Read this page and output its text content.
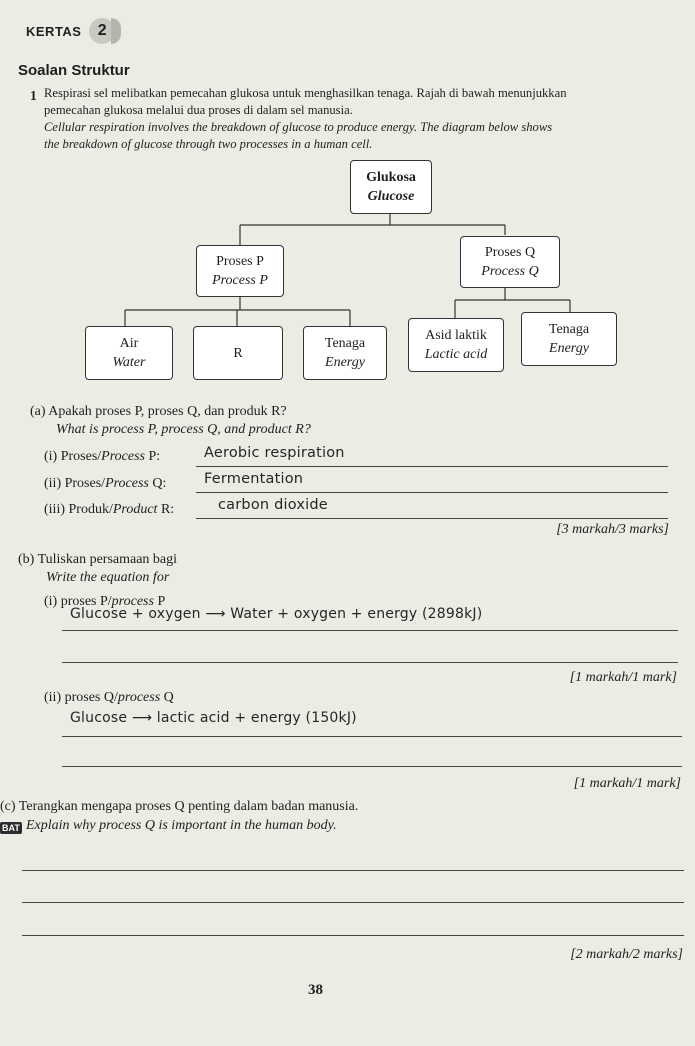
KERTAS	2
Soalan Struktur
1 Respirasi sel melibatkan pemecahan glukosa untuk menghasilkan tenaga. Rajah di bawah menunjukkan
pemecahan glukosa melalui dua proses di dalam sel manusia.
Cellular respiration involves the breakdown of glucose to produce energy. The diagram below shows
the breakdown of glucose through two processes in a human cell.
Glukosa
Glucose
Proses P
Process P
Proses Q
Process Q
Air
Water
R
Tenaga
Energy
Asid laktik
Lactic acid
Tenaga
Energy
(a) Apakah proses P, proses Q, dan produk R?
What is process P, process Q, and product R?
(i) Proses/Process P:	Aerobic respiration
(ii) Proses/Process Q:	Fermentation
(iii) Produk/Product R:	carbon dioxide
[3 markah/3 marks]
(b) Tuliskan persamaan bagi
Write the equation for
(i) proses P/process P
Glucose + oxygen ⟶ Water + oxygen + energy (2898kJ)
[1 markah/1 mark]
(ii) proses Q/process Q
Glucose ⟶ lactic acid + energy (150kJ)
[1 markah/1 mark]
(c) Terangkan mengapa proses Q penting dalam badan manusia.
BAT Explain why process Q is important in the human body.
[2 markah/2 marks]
38
